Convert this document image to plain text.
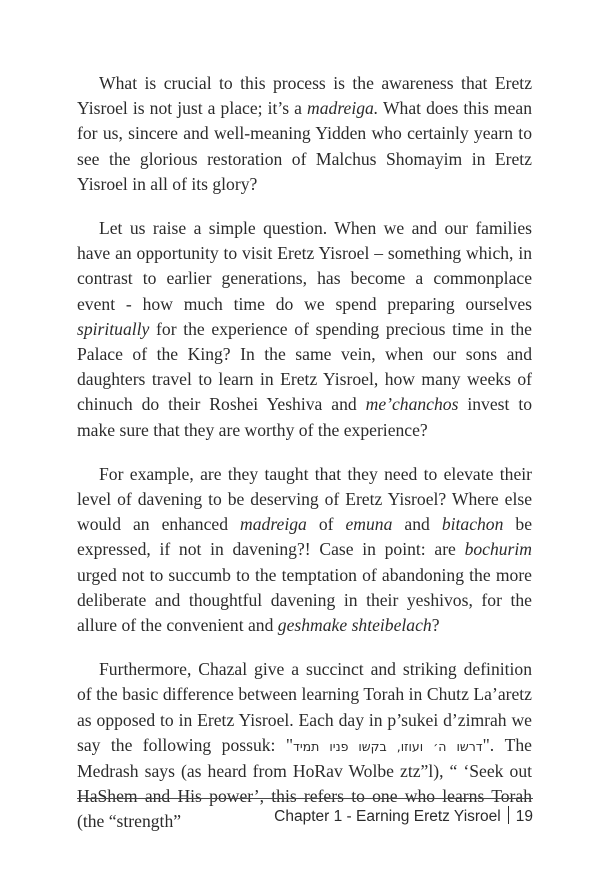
What is crucial to this process is the awareness that Eretz Yisroel is not just a place; it’s a madreiga. What does this mean for us, sincere and well-meaning Yidden who certainly yearn to see the glorious restoration of Malchus Shomayim in Eretz Yisroel in all of its glory?

Let us raise a simple question. When we and our families have an opportunity to visit Eretz Yisroel – something which, in contrast to earlier generations, has become a commonplace event - how much time do we spend preparing ourselves spiritually for the experience of spending precious time in the Palace of the King? In the same vein, when our sons and daughters travel to learn in Eretz Yisroel, how many weeks of chinuch do their Roshei Yeshiva and me’chanchos invest to make sure that they are worthy of the experience?

For example, are they taught that they need to elevate their level of davening to be deserving of Eretz Yisroel? Where else would an enhanced madreiga of emuna and bitachon be expressed, if not in davening?! Case in point: are bochurim urged not to succumb to the temptation of abandoning the more deliberate and thoughtful davening in their yeshivos, for the allure of the convenient and geshmake shteibelach?

Furthermore, Chazal give a succinct and striking definition of the basic difference between learning Torah in Chutz La’aretz as opposed to in Eretz Yisroel. Each day in p’sukei d’zimrah we say the following possuk: "דרשו ה׳ ועוזו, בקשו פניו תמיד". The Medrash says (as heard from HoRav Wolbe ztz”l), “ ‘Seek out HaShem and His power’, this refers to one who learns Torah (the “strength”	Chapter 1 - Earning Eretz Yisroel 19
